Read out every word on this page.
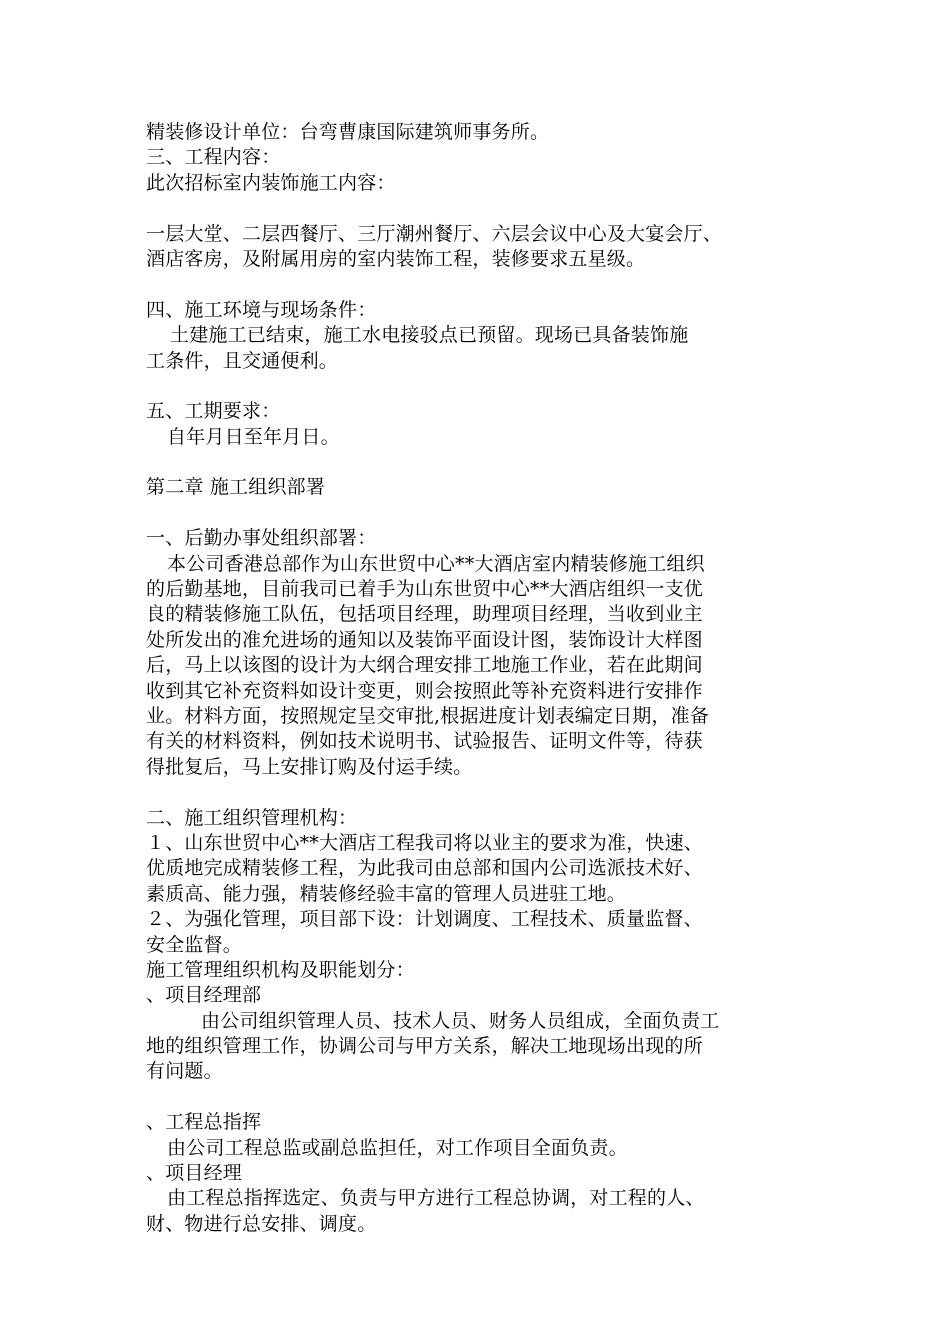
精装修设计单位：台弯曹康国际建筑师事务所。
三、工程内容：
此次招标室内装饰施工内容：
一层大堂、二层西餐厅、三厅潮州餐厅、六层会议中心及大宴会厅、
酒店客房，及附属用房的室内装饰工程，装修要求五星级。
四、施工环境与现场条件：
土建施工已结束，施工水电接驳点已预留。现场已具备装饰施
工条件，且交通便利。
五、工期要求：
自年月日至年月日。
第二章 施工组织部署
一、后勤办事处组织部署：
本公司香港总部作为山东世贸中心**大酒店室内精装修施工组织
的后勤基地，目前我司已着手为山东世贸中心**大酒店组织一支优
良的精装修施工队伍，包括项目经理，助理项目经理，当收到业主
处所发出的准允进场的通知以及装饰平面设计图，装饰设计大样图
后，马上以该图的设计为大纲合理安排工地施工作业，若在此期间
收到其它补充资料如设计变更，则会按照此等补充资料进行安排作
业。材料方面，按照规定呈交审批,根据进度计划表编定日期，准备
有关的材料资料，例如技术说明书、试验报告、证明文件等，待获
得批复后，马上安排订购及付运手续。
二、施工组织管理机构：
１、山东世贸中心**大酒店工程我司将以业主的要求为准，快速、
优质地完成精装修工程，为此我司由总部和国内公司选派技术好、
素质高、能力强，精装修经验丰富的管理人员进驻工地。
２、为强化管理，项目部下设：计划调度、工程技术、质量监督、
安全监督。
施工管理组织机构及职能划分：
、项目经理部
由公司组织管理人员、技术人员、财务人员组成，全面负责工
地的组织管理工作，协调公司与甲方关系，解决工地现场出现的所
有问题。
、工程总指挥
由公司工程总监或副总监担任，对工作项目全面负责。
、项目经理
由工程总指挥选定、负责与甲方进行工程总协调，对工程的人、
财、物进行总安排、调度。
